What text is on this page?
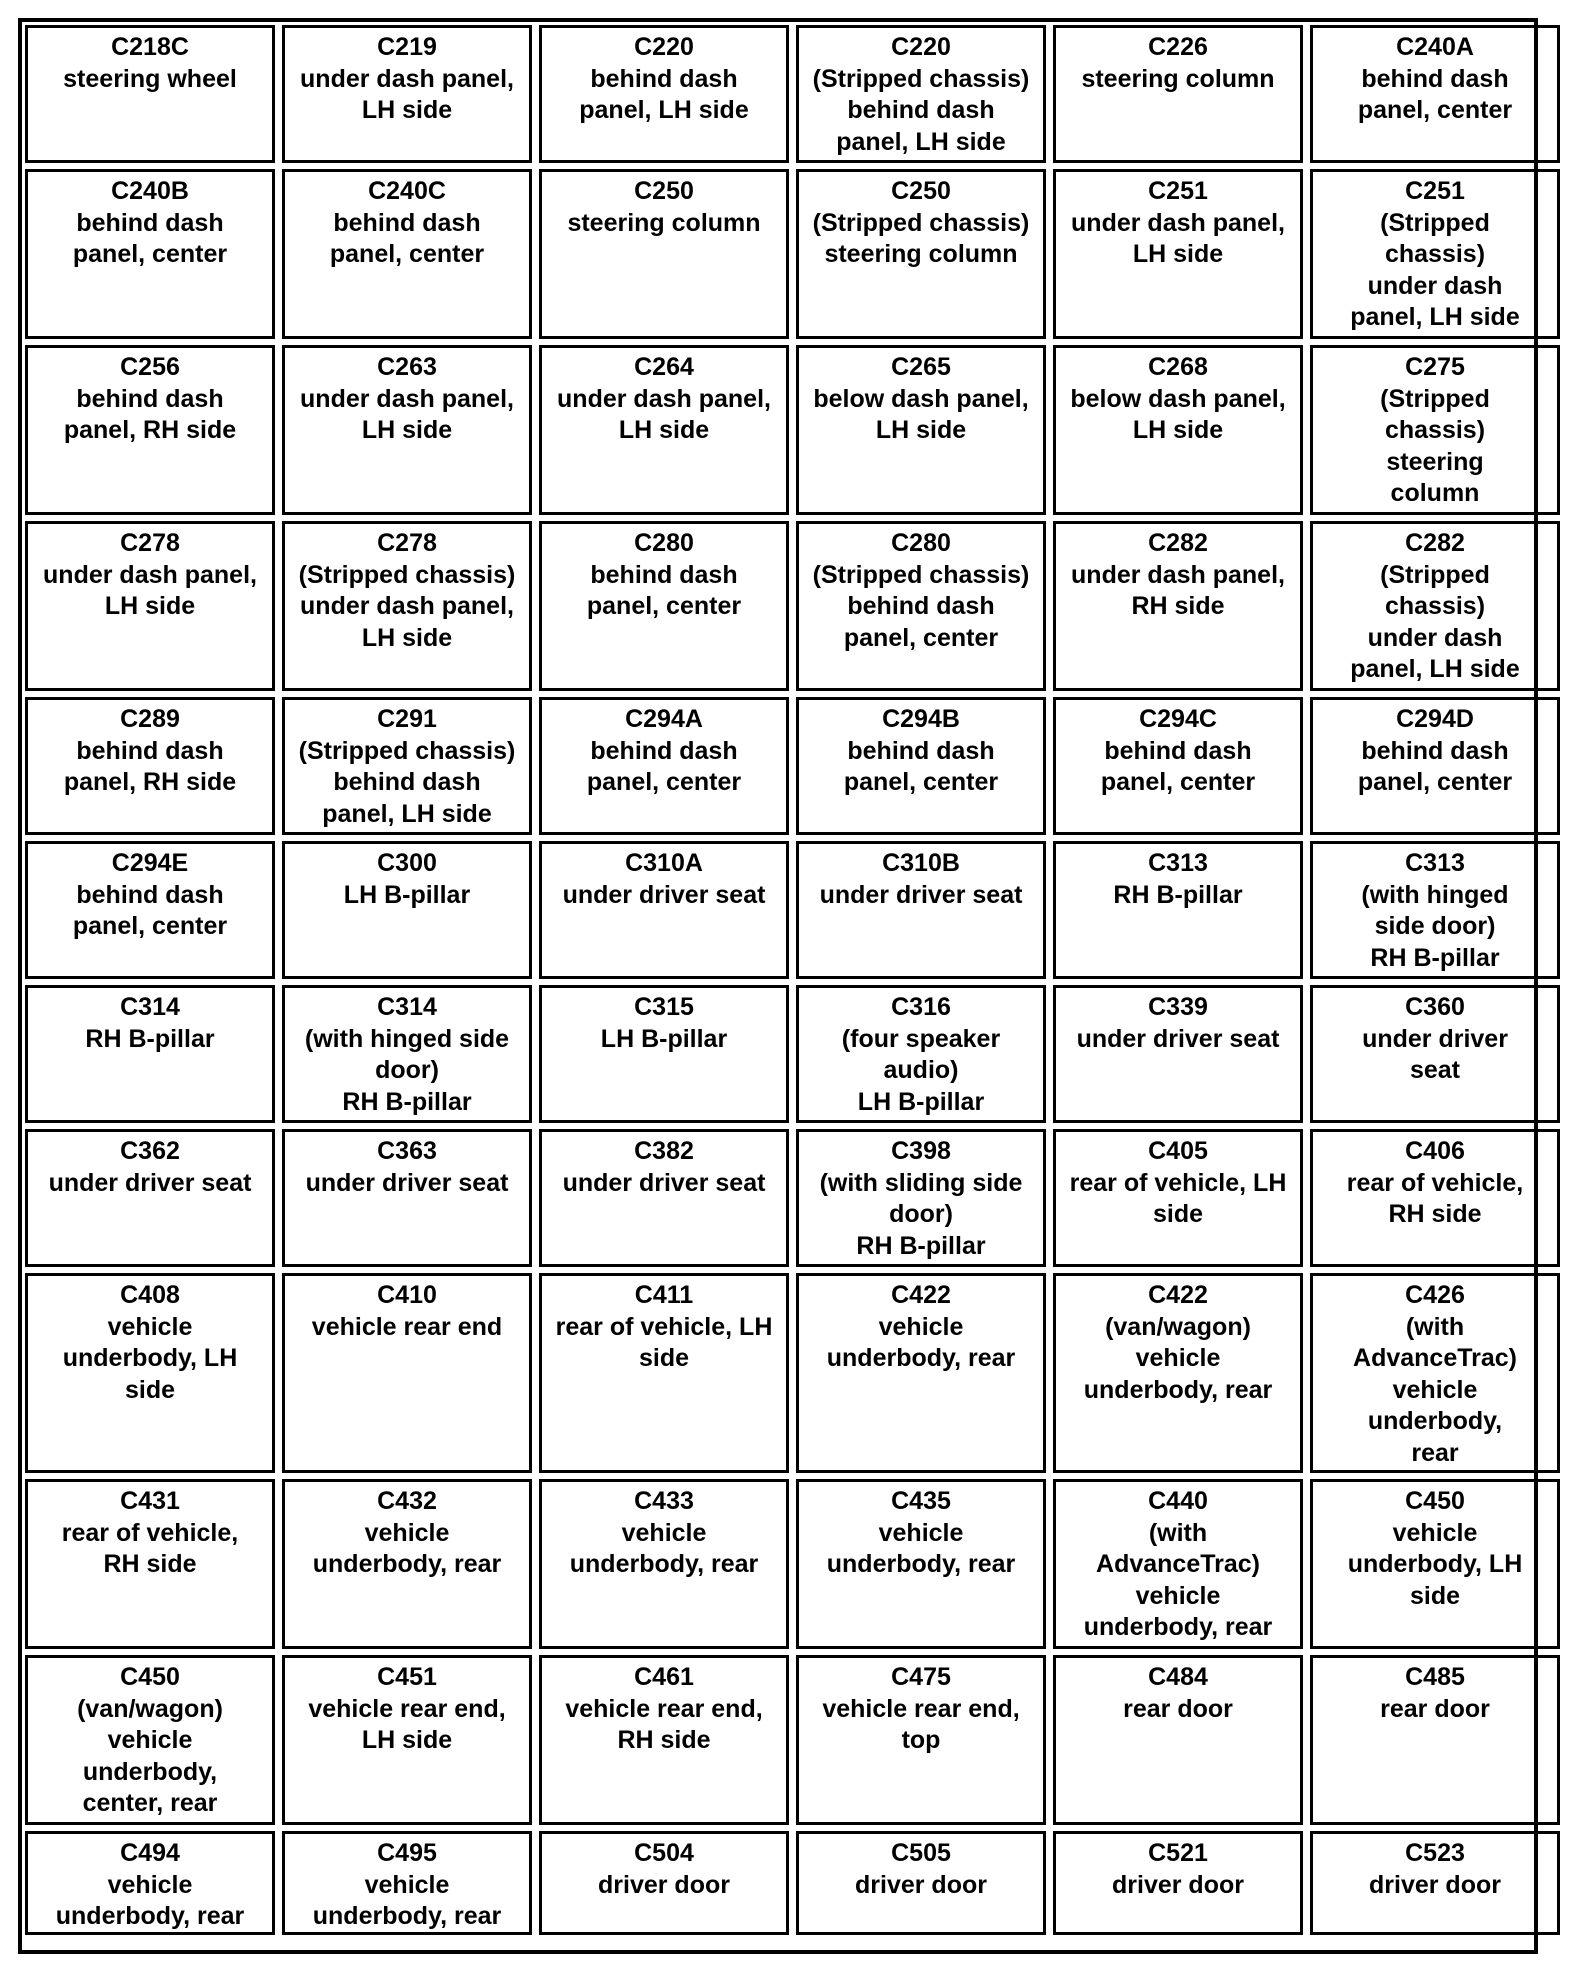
C218C
steering wheel
C219
under dash panel,
LH side
C220
behind dash
panel, LH side
C220
(Stripped chassis)
behind dash
panel, LH side
C226
steering column
C240A
behind dash
panel, center
C240B
behind dash
panel, center
C240C
behind dash
panel, center
C250
steering column
C250
(Stripped chassis)
steering column
C251
under dash panel,
LH side
C251
(Stripped
chassis)
under dash
panel, LH side
C256
behind dash
panel, RH side
C263
under dash panel,
LH side
C264
under dash panel,
LH side
C265
below dash panel,
LH side
C268
below dash panel,
LH side
C275
(Stripped
chassis)
steering
column
C278
under dash panel,
LH side
C278
(Stripped chassis)
under dash panel,
LH side
C280
behind dash
panel, center
C280
(Stripped chassis)
behind dash
panel, center
C282
under dash panel,
RH side
C282
(Stripped
chassis)
under dash
panel, LH side
C289
behind dash
panel, RH side
C291
(Stripped chassis)
behind dash
panel, LH side
C294A
behind dash
panel, center
C294B
behind dash
panel, center
C294C
behind dash
panel, center
C294D
behind dash
panel, center
C294E
behind dash
panel, center
C300
LH B-pillar
C310A
under driver seat
C310B
under driver seat
C313
RH B-pillar
C313
(with hinged
side door)
RH B-pillar
C314
RH B-pillar
C314
(with hinged side
door)
RH B-pillar
C315
LH B-pillar
C316
(four speaker
audio)
LH B-pillar
C339
under driver seat
C360
under driver
seat
C362
under driver seat
C363
under driver seat
C382
under driver seat
C398
(with sliding side
door)
RH B-pillar
C405
rear of vehicle, LH
side
C406
rear of vehicle,
RH side
C408
vehicle
underbody, LH
side
C410
vehicle rear end
C411
rear of vehicle, LH
side
C422
vehicle
underbody, rear
C422
(van/wagon)
vehicle
underbody, rear
C426
(with
AdvanceTrac)
vehicle
underbody,
rear
C431
rear of vehicle,
RH side
C432
vehicle
underbody, rear
C433
vehicle
underbody, rear
C435
vehicle
underbody, rear
C440
(with
AdvanceTrac)
vehicle
underbody, rear
C450
vehicle
underbody, LH
side
C450
(van/wagon)
vehicle
underbody,
center, rear
C451
vehicle rear end,
LH side
C461
vehicle rear end,
RH side
C475
vehicle rear end,
top
C484
rear door
C485
rear door
C494
vehicle
underbody, rear
C495
vehicle
underbody, rear
C504
driver door
C505
driver door
C521
driver door
C523
driver door
